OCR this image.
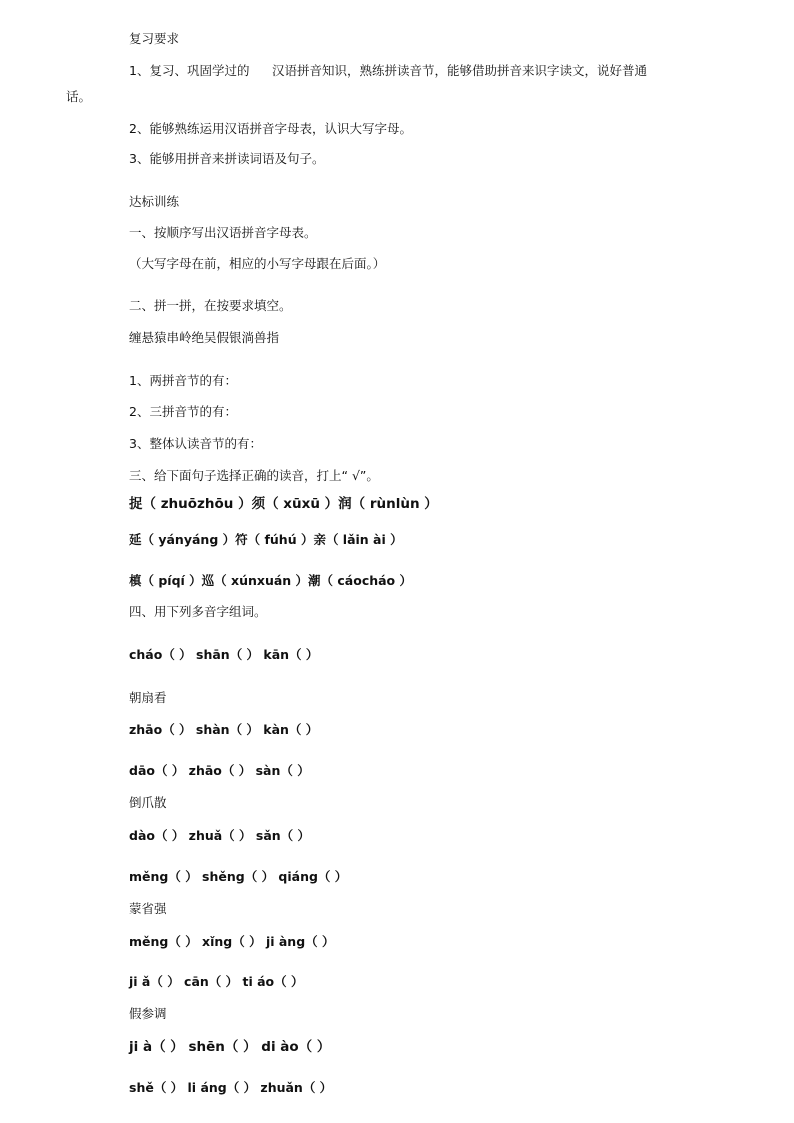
复习要求
1、复习、巩固学过的 汉语拼音知识，熟练拼读音节，能够借助拼音来识字读文，说好普通
话。
2、能够熟练运用汉语拼音字母表，认识大写字母。
3、能够用拼音来拼读词语及句子。
达标训练
一、按顺序写出汉语拼音字母表。
（大写字母在前，相应的小写字母跟在后面。）
二、拼一拼，在按要求填空。
缠悬猿串岭绝吴假银淌兽指
1、两拼音节的有：
2、三拼音节的有：
3、整体认读音节的有：
三、给下面句子选择正确的读音，打上“ √”。
捉（ zhuōzhōu ）须（ xūxū ）润（ rùnlùn ）
延（ yányáng ）符（ fúhú ）亲（ lǎin ài ）
槙（ píqí ）巡（ xúnxuán ）潮（ cáocháo ）
四、用下列多音字组词。
cháo（ ） shān（ ） kān（ ）
朝扇看
zhāo（ ） shàn（ ） kàn（ ）
dāo（ ） zhāo（ ） sàn（ ）
倒爪散
dào（ ） zhuǎ（ ） sǎn（ ）
měng（ ） shěng（ ） qiáng（ ）
蒙省强
měng（ ） xǐng（ ） ji àng（ ）
ji ǎ（ ） cān（ ） ti áo（ ）
假参调
ji à（ ） shēn（ ） di ào（ ）
shě（ ） li áng（ ） zhuǎn（ ）
